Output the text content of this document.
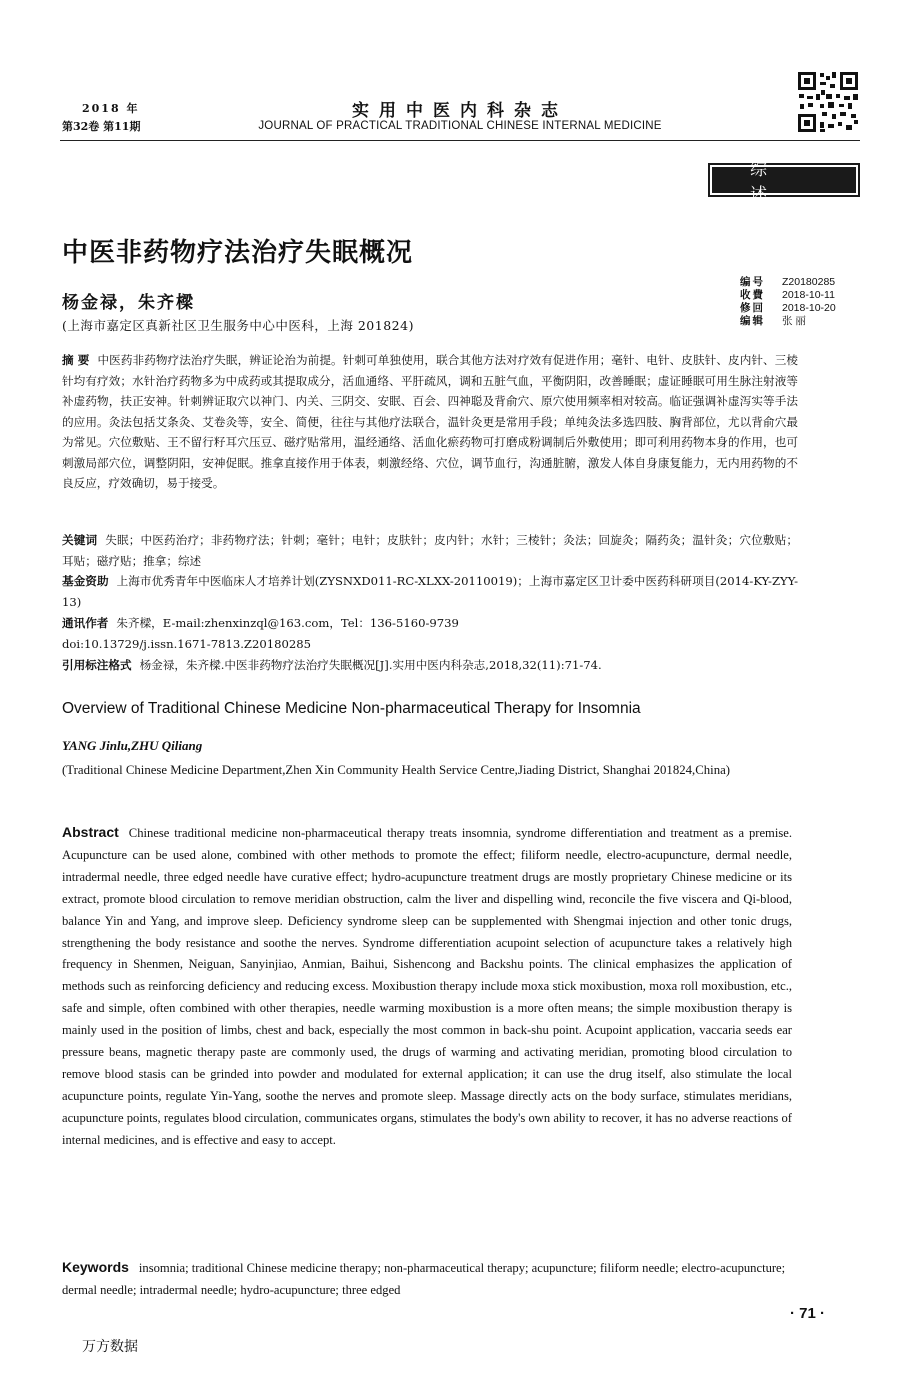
2018 年
第32卷 第11期
实用中医内科杂志
JOURNAL OF PRACTICAL TRADITIONAL CHINESE INTERNAL MEDICINE
综 述
中医非药物疗法治疗失眠概况
杨金禄，朱齐樑
(上海市嘉定区真新社区卫生服务中心中医科，上海 201824)
编号	Z20180285
收費	2018-10-11
修回	2018-10-20
编辑	张 丽
摘 要 中医药非药物疗法治疗失眠，辨证论治为前提。针刺可单独使用，联合其他方法对疗效有促进作用；毫针、电针、皮肤针、皮内针、三棱针均有疗效；水针治疗药物多为中成药或其提取成分，活血通络、平肝疏风，调和五脏气血，平衡阴阳，改善睡眠；虚证睡眠可用生脉注射液等补虚药物，扶正安神。针刺辨证取穴以神门、内关、三阴交、安眠、百会、四神聪及背俞穴、原穴使用频率相对较高。临证强调补虚泻实等手法的应用。灸法包括艾条灸、艾卷灸等，安全、简便，往往与其他疗法联合，温针灸更是常用手段；单纯灸法多选四肢、胸背部位，尤以背俞穴最为常见。穴位敷贴、王不留行籽耳穴压豆、磁疗贴常用，温经通络、活血化瘀药物可打磨成粉调制后外敷使用；即可利用药物本身的作用，也可刺激局部穴位，调整阴阳，安神促眠。推拿直接作用于体表，刺激经络、穴位，调节血行，沟通脏腑，激发人体自身康复能力，无内用药物的不良反应，疗效确切，易于接受。
关键词 失眠；中医药治疗；非药物疗法；针刺；毫针；电针；皮肤针；皮内针；水针；三棱针；灸法；回旋灸；隔药灸；温针灸；穴位敷贴；耳贴；磁疗贴；推拿；综述
基金资助 上海市优秀青年中医临床人才培养计划(ZYSNXD011-RC-XLXX-20110019)；上海市嘉定区卫计委中医药科研项目(2014-KY-ZYY-13)
通讯作者 朱齐樑，E-mail:zhenxinzql@163.com，Tel：136-5160-9739
doi:10.13729/j.issn.1671-7813.Z20180285
引用标注格式 杨金禄，朱齐樑.中医非药物疗法治疗失眠概况[J].实用中医内科杂志,2018,32(11):71-74.
Overview of Traditional Chinese Medicine Non-pharmaceutical Therapy for Insomnia
YANG Jinlu,ZHU Qiliang
(Traditional Chinese Medicine Department,Zhen Xin Community Health Service Centre,Jiading District, Shanghai 201824,China)
Abstract Chinese traditional medicine non-pharmaceutical therapy treats insomnia, syndrome differentiation and treatment as a premise. Acupuncture can be used alone, combined with other methods to promote the effect; filiform needle, electro-acupuncture, dermal needle, intradermal needle, three edged needle have curative effect; hydro-acupuncture treatment drugs are mostly proprietary Chinese medicine or its extract, promote blood circulation to remove meridian obstruction, calm the liver and dispelling wind, reconcile the five viscera and Qi-blood, balance Yin and Yang, and improve sleep. Deficiency syndrome sleep can be supplemented with Shengmai injection and other tonic drugs, strengthening the body resistance and soothe the nerves. Syndrome differentiation acupoint selection of acupuncture takes a relatively high frequency in Shenmen, Neiguan, Sanyinjiao, Anmian, Baihui, Sishencong and Backshu points. The clinical emphasizes the application of methods such as reinforcing deficiency and reducing excess. Moxibustion therapy include moxa stick moxibustion, moxa roll moxibustion, etc., safe and simple, often combined with other therapies, needle warming moxibustion is a more often means; the simple moxibustion therapy is mainly used in the position of limbs, chest and back, especially the most common in back-shu point. Acupoint application, vaccaria seeds ear pressure beans, magnetic therapy paste are commonly used, the drugs of warming and activating meridian, promoting blood circulation to remove blood stasis can be grinded into powder and modulated for external application; it can use the drug itself, also stimulate the local acupuncture points, regulate Yin-Yang, soothe the nerves and promote sleep. Massage directly acts on the body surface, stimulates meridians, acupuncture points, regulates blood circulation, communicates organs, stimulates the body's own ability to recover, it has no adverse reactions of internal medicines, and is effective and easy to accept.
Keywords insomnia; traditional Chinese medicine therapy; non-pharmaceutical therapy; acupuncture; filiform needle; electro-acupuncture; dermal needle; intradermal needle; hydro-acupuncture; three edged
· 71 ·
万方数据
